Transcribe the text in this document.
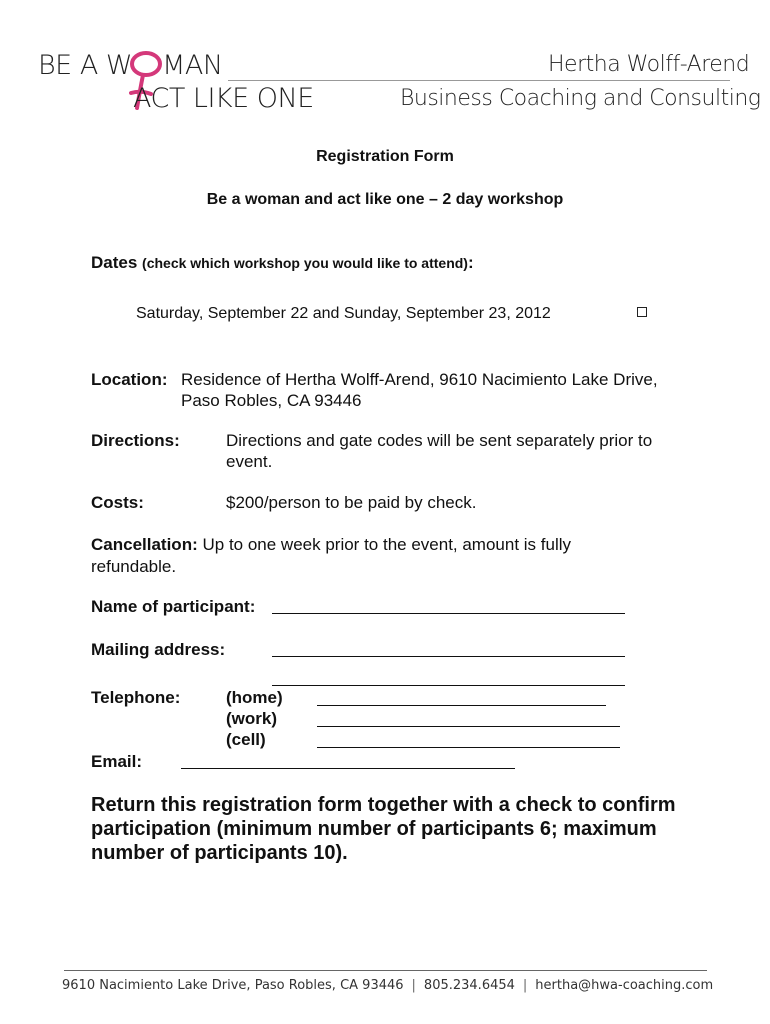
BE A W MAN
ACT LIKE ONE
Hertha Wolff-Arend
Business Coaching and Consulting
Registration Form
Be a woman and act like one – 2 day workshop
Dates (check which workshop you would like to attend):
Saturday, September 22 and Sunday, September 23, 2012
Location: Residence of Hertha Wolff-Arend, 9610 Nacimiento Lake Drive,
Paso Robles, CA 93446
Directions:	Directions and gate codes will be sent separately prior to
event.
Costs:	$200/person to be paid by check.
Cancellation: Up to one week prior to the event, amount is fully
refundable.
Name of participant:
Mailing address:
Telephone:	(home)
(work)
(cell)
Email:
Return this registration form together with a check to confirm
participation (minimum number of participants 6; maximum
number of participants 10).
9610 Nacimiento Lake Drive, Paso Robles, CA 93446 | 805.234.6454 | hertha@hwa-coaching.com
